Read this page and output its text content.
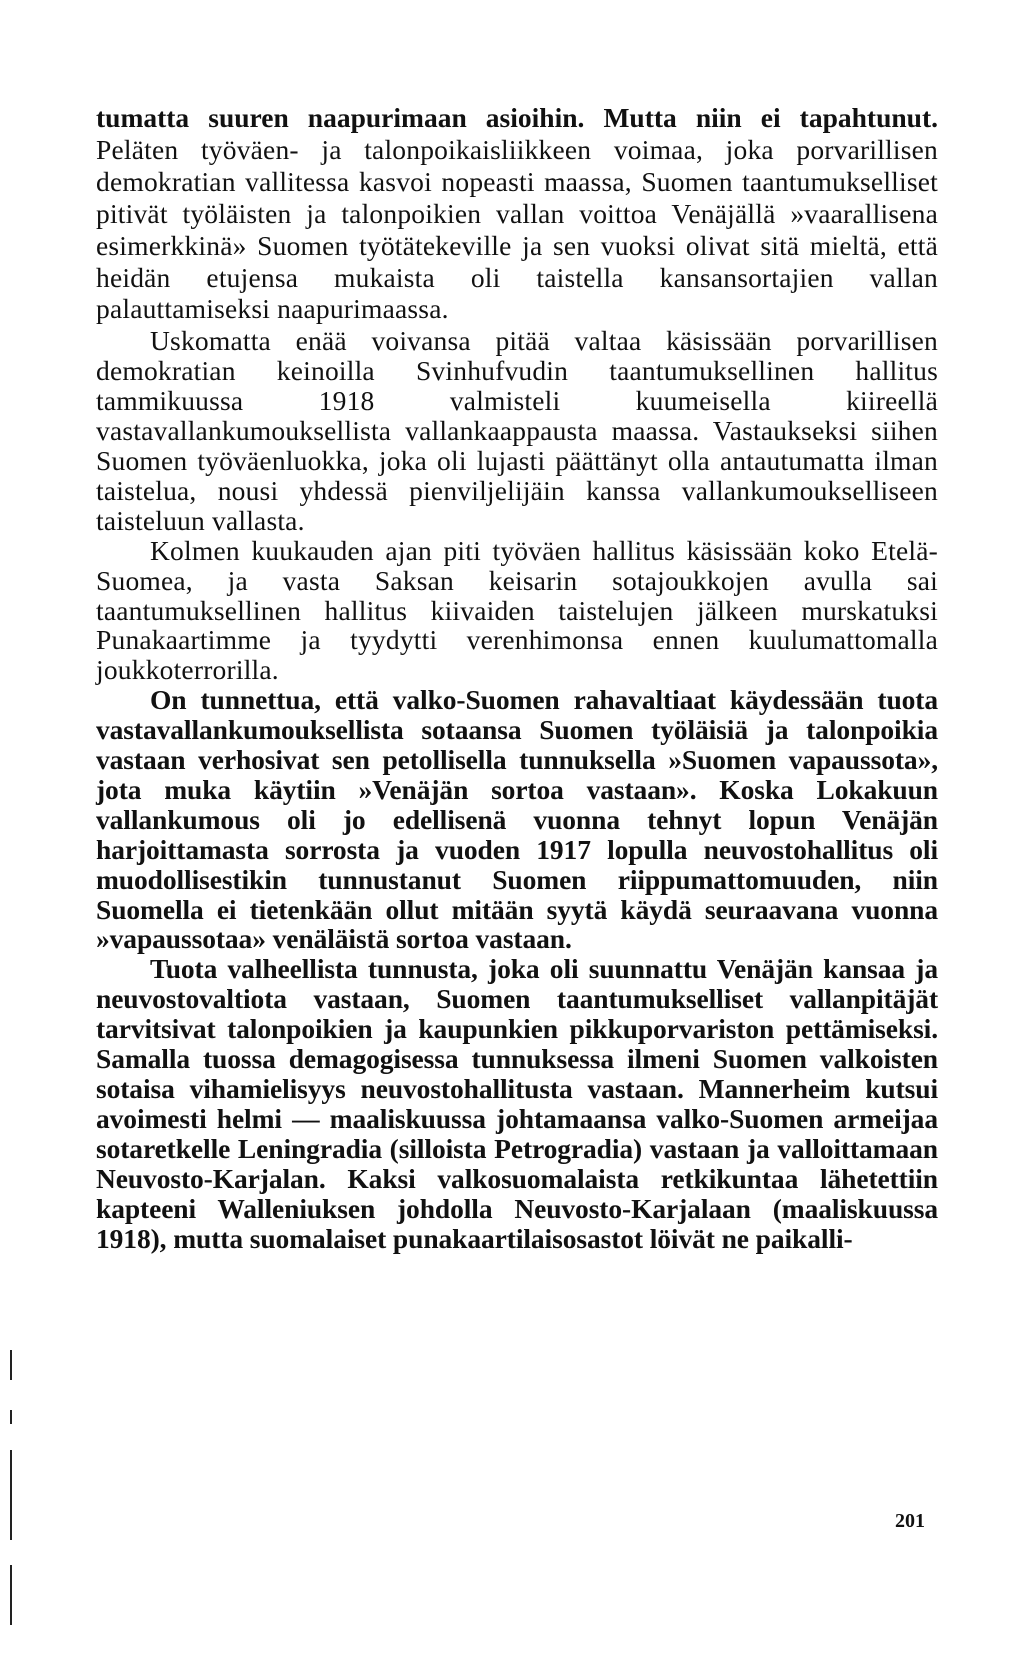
tumatta suuren naapurimaan asioihin. Mutta niin ei tapahtunut. Peläten työväen- ja talonpoikaisliikkeen voimaa, joka porvarillisen demokratian vallitessa kasvoi nopeasti maassa, Suomen taantumukselliset pitivät työläisten ja talonpoikien vallan voittoa Venäjällä »vaarallisena esimerkkinä» Suomen työtätekeville ja sen vuoksi olivat sitä mieltä, että heidän etujensa mukaista oli taistella kansansortajien vallan palauttamiseksi naapurimaassa.

Uskomatta enää voivansa pitää valtaa käsissään porvarillisen demokratian keinoilla Svinhufvudin taantumuksellinen hallitus tammikuussa 1918 valmisteli kuumeisella kiireellä vastavallankumouksellista vallankaappausta maassa. Vastaukseksi siihen Suomen työväenluokka, joka oli lujasti päättänyt olla antautumatta ilman taistelua, nousi yhdessä pienviljelijäin kanssa vallankumoukselliseen taisteluun vallasta.

Kolmen kuukauden ajan piti työväen hallitus käsissään koko Etelä-Suomea, ja vasta Saksan keisarin sotajoukkojen avulla sai taantumuksellinen hallitus kiivaiden taistelujen jälkeen murskatuksi Punakaartimme ja tyydytti verenhimonsa ennen kuulumattomalla joukkoterrorilla.

On tunnettua, että valko-Suomen rahavaltiaat käydessään tuota vastavallankumouksellista sotaansa Suomen työläisiä ja talonpoikia vastaan verhosivat sen petollisella tunnuksella »Suomen vapaussota», jota muka käytiin »Venäjän sortoa vastaan». Koska Lokakuun vallankumous oli jo edellisenä vuonna tehnyt lopun Venäjän harjoittamasta sorrosta ja vuoden 1917 lopulla neuvostohallitus oli muodollisestikin tunnustanut Suomen riippumattomuuden, niin Suomella ei tietenkään ollut mitään syytä käydä seuraavana vuonna »vapaussotaa» venäläistä sortoa vastaan.

Tuota valheellista tunnusta, joka oli suunnattu Venäjän kansaa ja neuvostovaltiota vastaan, Suomen taantumukselliset vallanpitäjät tarvitsivat talonpoikien ja kaupunkien pikkuporvariston pettämiseksi. Samalla tuossa demagogisessa tunnuksessa ilmeni Suomen valkoisten sotaisa vihamielisyys neuvostohallitusta vastaan. Mannerheim kutsui avoimesti helmi — maaliskuussa johtamaansa valko-Suomen armeijaa sotaretkelle Leningradia (silloista Petrogradia) vastaan ja valloittamaan Neuvosto-Karjalan. Kaksi valkosuomalaista retkikuntaa lähetettiin kapteeni Walleniuksen johdolla Neuvosto-Karjalaan (maaliskuussa 1918), mutta suomalaiset punakaartilaisosastot löivät ne paikalli-

201
